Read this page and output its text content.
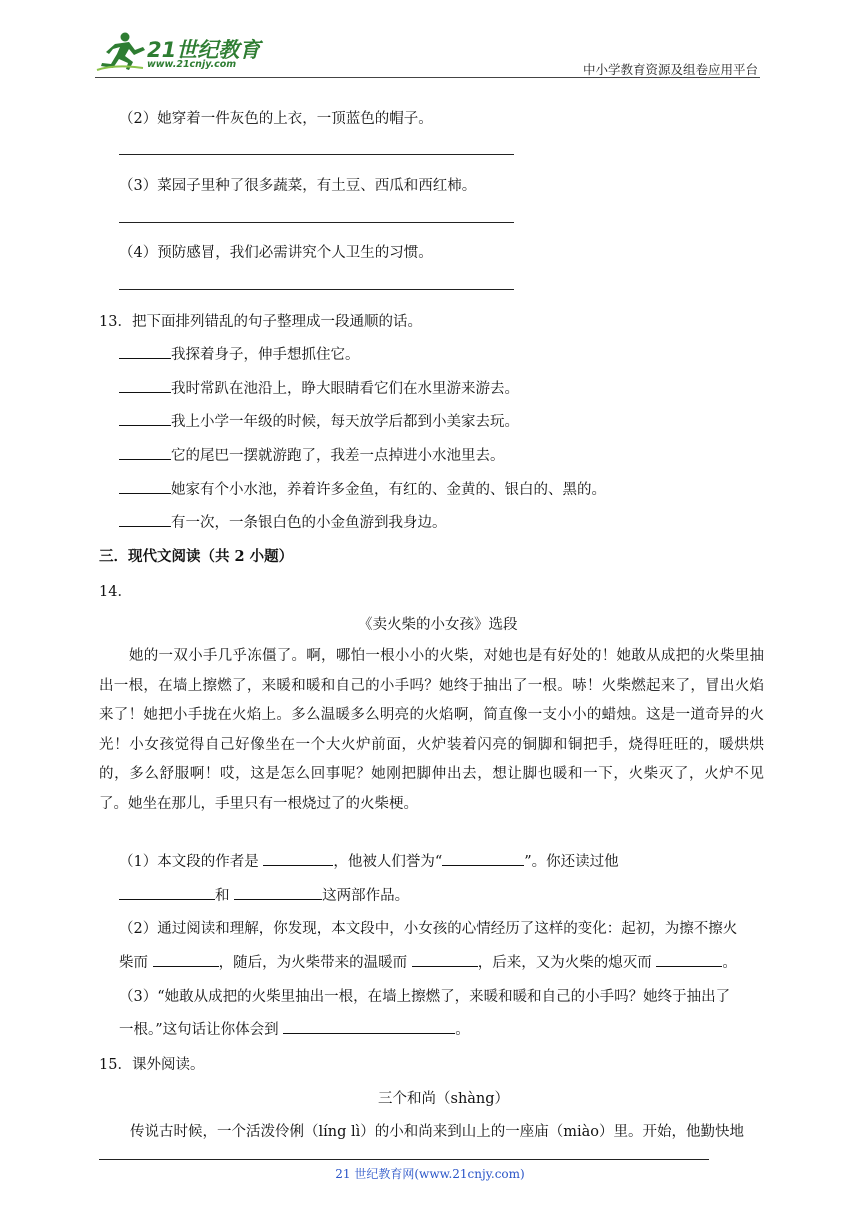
21世纪教育
www.21cnjy.com	中小学教育资源及组卷应用平台
（2）她穿着一件灰色的上衣，一顶蓝色的帽子。
（3）菜园子里种了很多蔬菜，有土豆、西瓜和西红柿。
（4）预防感冒，我们必需讲究个人卫生的习惯。
13．把下面排列错乱的句子整理成一段通顺的话。
我探着身子，伸手想抓住它。
我时常趴在池沿上，睁大眼睛看它们在水里游来游去。
我上小学一年级的时候，每天放学后都到小美家去玩。
它的尾巴一摆就游跑了，我差一点掉进小水池里去。
她家有个小水池，养着许多金鱼，有红的、金黄的、银白的、黑的。
有一次，一条银白色的小金鱼游到我身边。
三．现代文阅读（共 2 小题）
14．
《卖火柴的小女孩》选段
她的一双小手几乎冻僵了。啊，哪怕一根小小的火柴，对她也是有好处的！她敢从成把的火柴里抽出一根，在墙上擦燃了，来暖和暖和自己的小手吗？她终于抽出了一根。哧！火柴燃起来了，冒出火焰来了！她把小手拢在火焰上。多么温暖多么明亮的火焰啊，简直像一支小小的蜡烛。这是一道奇异的火光！小女孩觉得自己好像坐在一个大火炉前面，火炉装着闪亮的铜脚和铜把手，烧得旺旺的，暖烘烘的，多么舒服啊！哎，这是怎么回事呢？她刚把脚伸出去，想让脚也暖和一下，火柴灭了，火炉不见了。她坐在那儿，手里只有一根烧过了的火柴梗。
（1）本文段的作者是	，他被人们誉为“	”。你还读过他
和	这两部作品。
（2）通过阅读和理解，你发现，本文段中，小女孩的心情经历了这样的变化：起初，为擦不擦火
柴而	，随后，为火柴带来的温暖而	，后来，又为火柴的熄灭而	。
（3）“她敢从成把的火柴里抽出一根，在墙上擦燃了，来暖和暖和自己的小手吗？她终于抽出了
一根。”这句话让你体会到	。
15．课外阅读。
三个和尚（shàng）
传说古时候，一个活泼伶俐（líng lì）的小和尚来到山上的一座庙（miào）里。开始，他勤快地
21 世纪教育网(www.21cnjy.com)
